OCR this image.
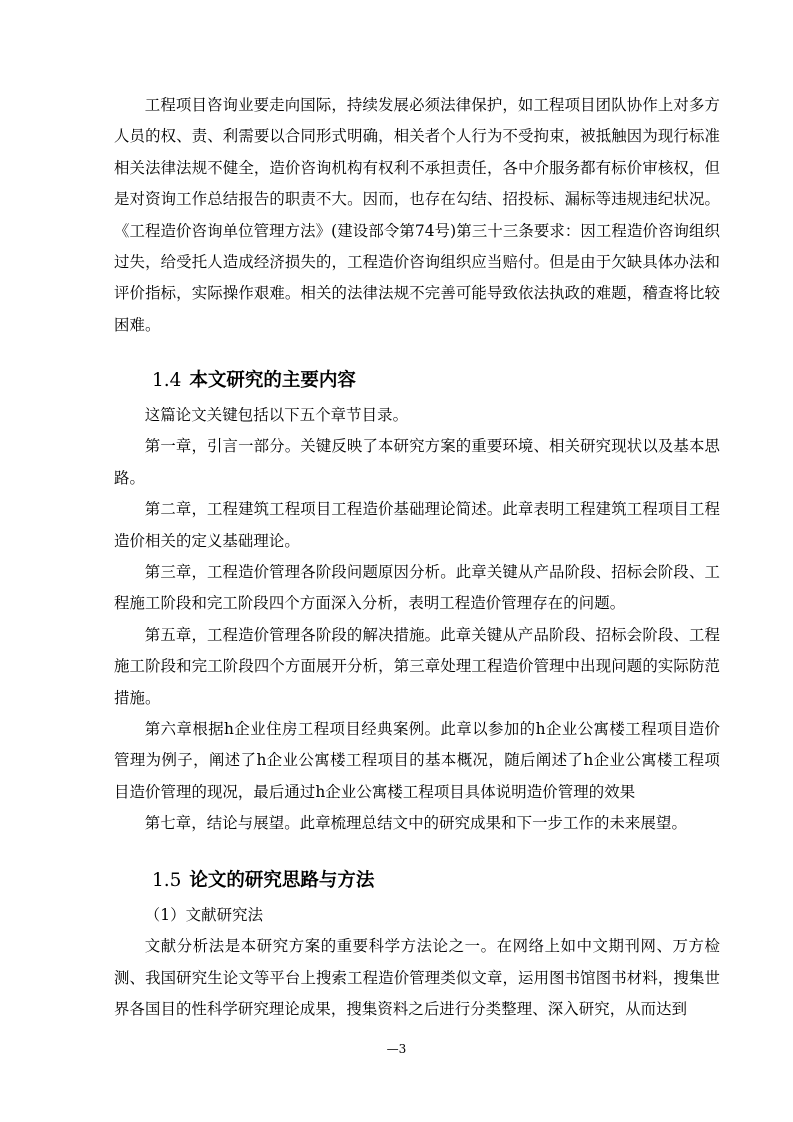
工程项目咨询业要走向国际，持续发展必须法律保护，如工程项目团队协作上对多方人员的权、责、利需要以合同形式明确，相关者个人行为不受拘束，被抵触因为现行标准相关法律法规不健全，造价咨询机构有权利不承担责任，各中介服务都有标价审核权，但是对资询工作总结报告的职责不大。因而，也存在勾结、招投标、漏标等违规违纪状况。《工程造价咨询单位管理方法》(建设部令第74号)第三十三条要求：因工程造价咨询组织过失，给受托人造成经济损失的，工程造价咨询组织应当赔付。但是由于欠缺具体办法和评价指标，实际操作艰难。相关的法律法规不完善可能导致依法执政的难题，稽查将比较困难。

1.4 本文研究的主要内容

这篇论文关键包括以下五个章节目录。

第一章，引言一部分。关键反映了本研究方案的重要环境、相关研究现状以及基本思路。

第二章，工程建筑工程项目工程造价基础理论简述。此章表明工程建筑工程项目工程造价相关的定义基础理论。

第三章，工程造价管理各阶段问题原因分析。此章关键从产品阶段、招标会阶段、工程施工阶段和完工阶段四个方面深入分析，表明工程造价管理存在的问题。

第五章，工程造价管理各阶段的解决措施。此章关键从产品阶段、招标会阶段、工程施工阶段和完工阶段四个方面展开分析，第三章处理工程造价管理中出现问题的实际防范措施。

第六章根据h企业住房工程项目经典案例。此章以参加的h企业公寓楼工程项目造价管理为例子，阐述了h企业公寓楼工程项目的基本概况，随后阐述了h企业公寓楼工程项目造价管理的现况，最后通过h企业公寓楼工程项目具体说明造价管理的效果

第七章，结论与展望。此章梳理总结文中的研究成果和下一步工作的未来展望。

1.5 论文的研究思路与方法

（1）文献研究法

文献分析法是本研究方案的重要科学方法论之一。在网络上如中文期刊网、万方检测、我国研究生论文等平台上搜索工程造价管理类似文章，运用图书馆图书材料，搜集世界各国目的性科学研究理论成果，搜集资料之后进行分类整理、深入研究，从而达到

—3
